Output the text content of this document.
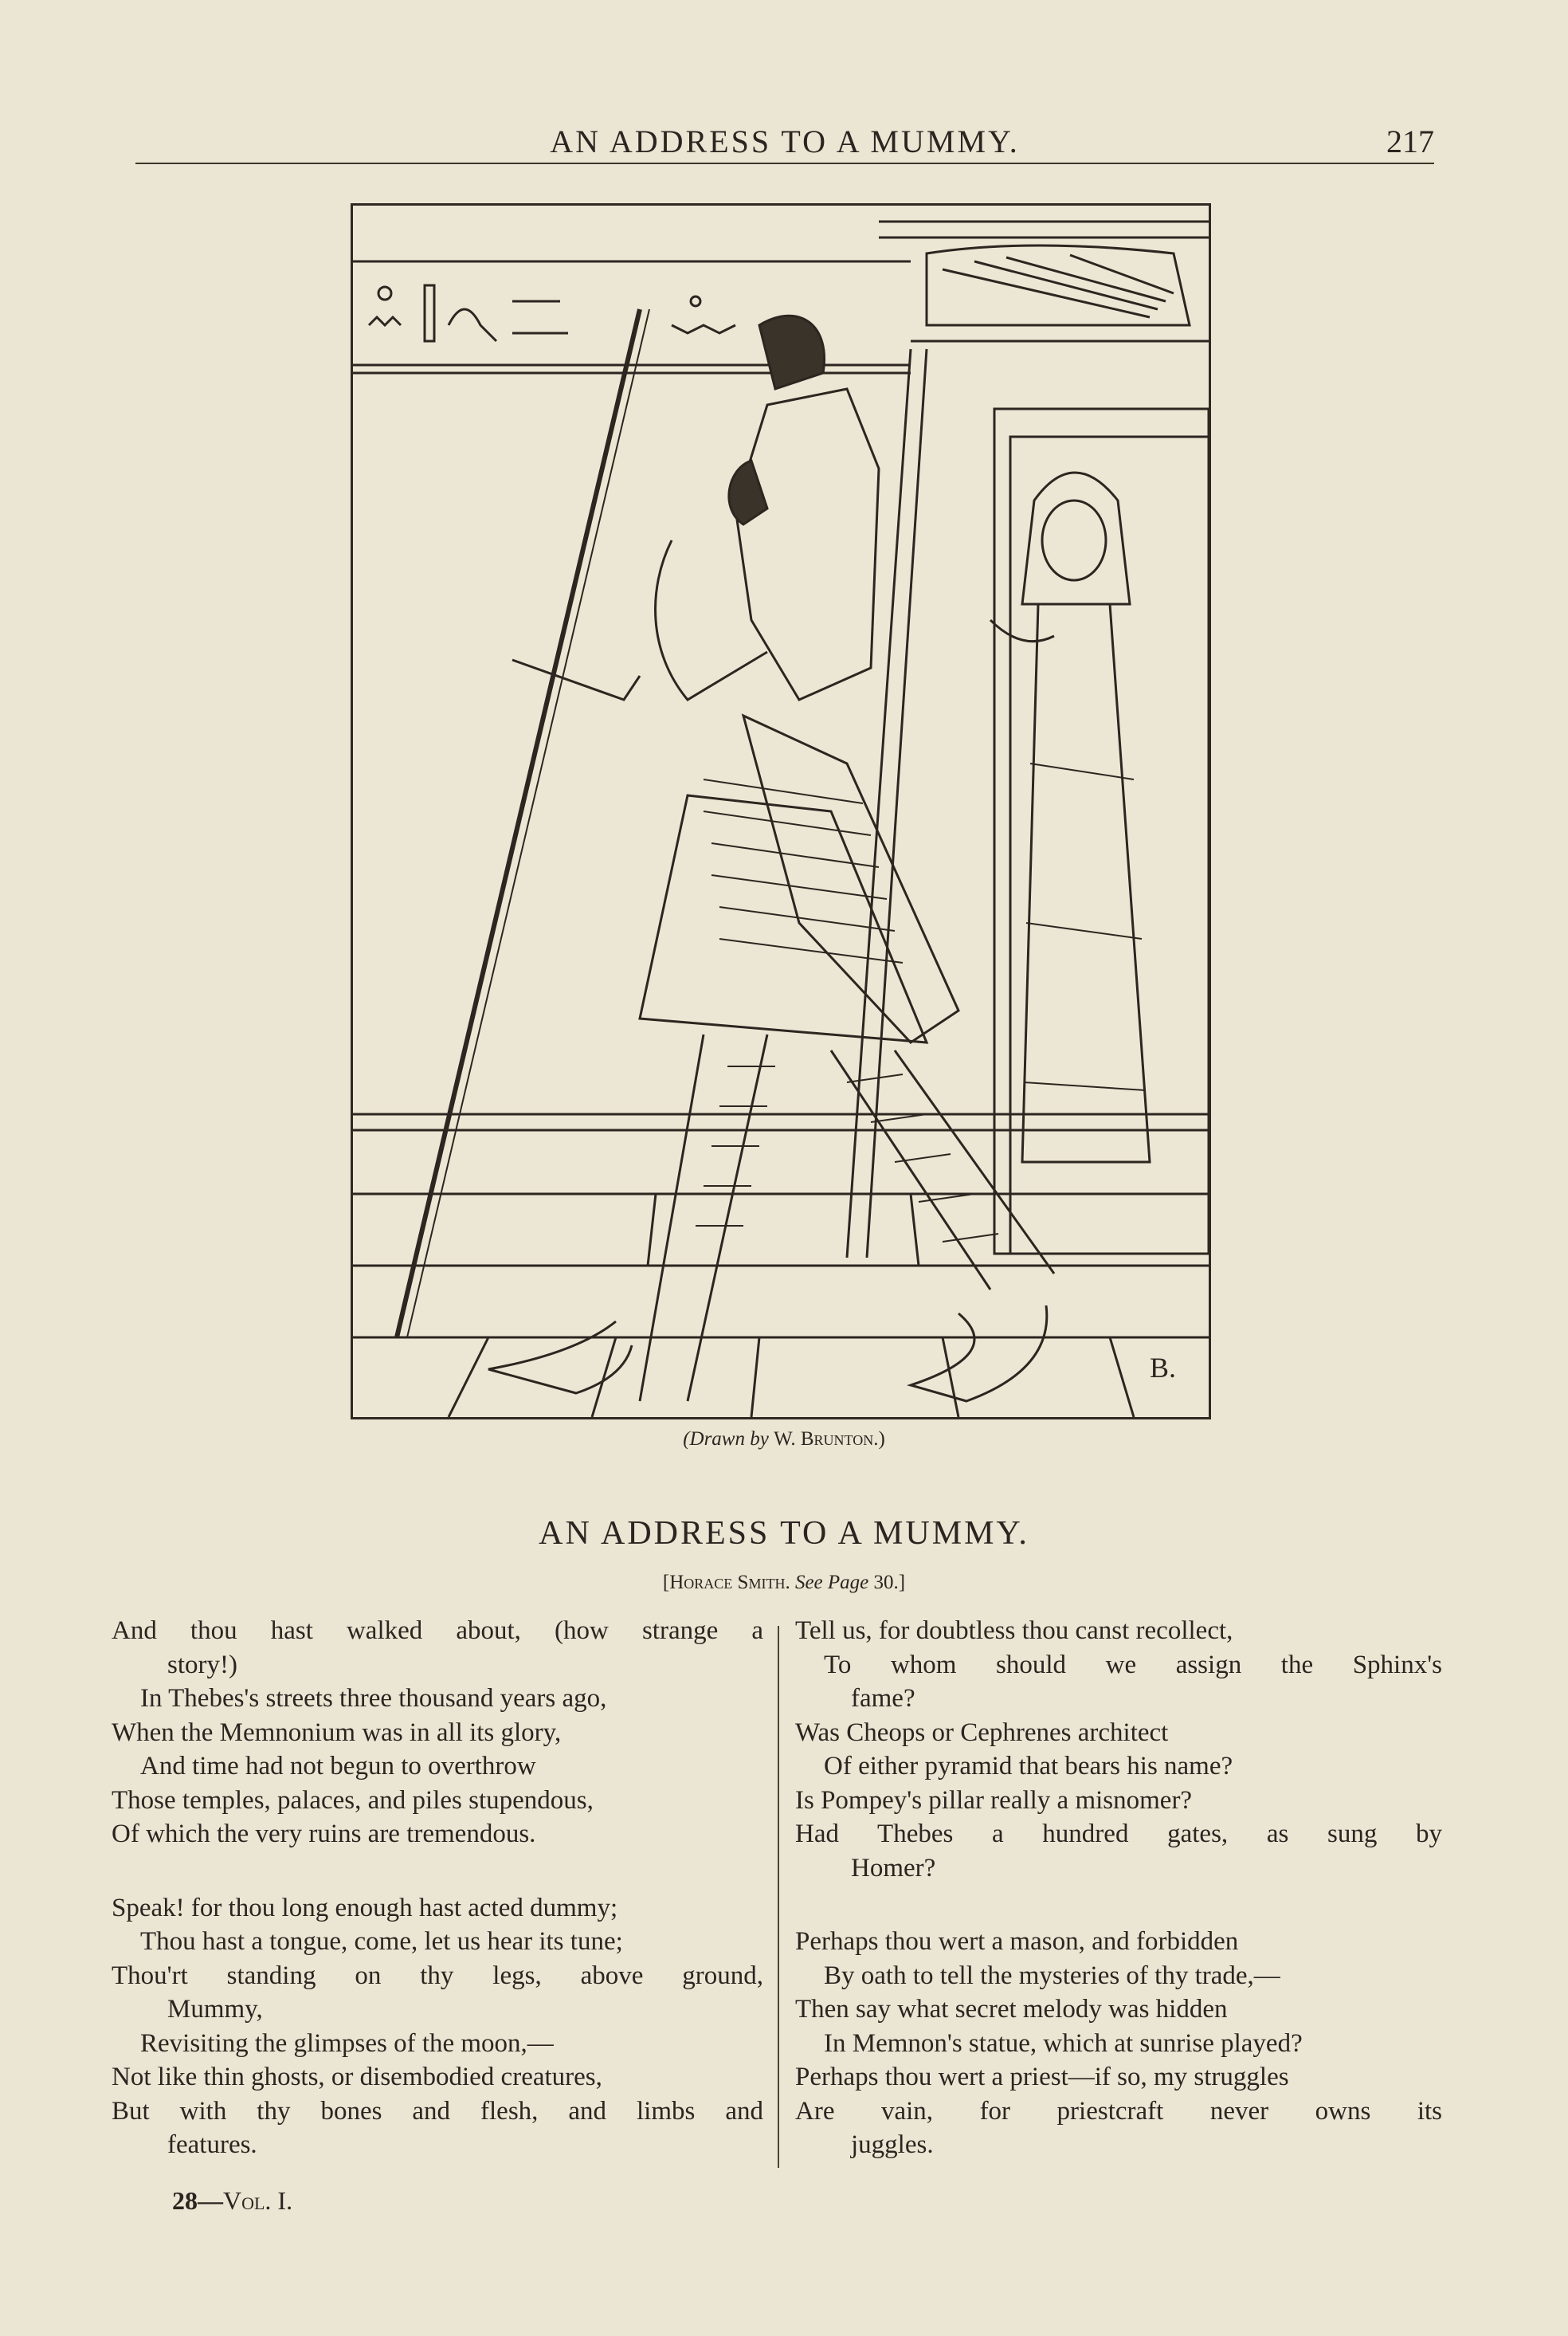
AN ADDRESS TO A MUMMY.	217
B.
(Drawn by W. Brunton.)
AN ADDRESS TO A MUMMY.
[Horace Smith. See Page 30.]
And thou hast walked about, (how strange a
story!)
In Thebes's streets three thousand years ago,
When the Memnonium was in all its glory,
And time had not begun to overthrow
Those temples, palaces, and piles stupendous,
Of which the very ruins are tremendous.
Speak! for thou long enough hast acted dummy;
Thou hast a tongue, come, let us hear its tune;
Thou'rt standing on thy legs, above ground,
Mummy,
Revisiting the glimpses of the moon,—
Not like thin ghosts, or disembodied creatures,
But with thy bones and flesh, and limbs and
features.
Tell us, for doubtless thou canst recollect,
To whom should we assign the Sphinx's
fame?
Was Cheops or Cephrenes architect
Of either pyramid that bears his name?
Is Pompey's pillar really a misnomer?
Had Thebes a hundred gates, as sung by
Homer?
Perhaps thou wert a mason, and forbidden
By oath to tell the mysteries of thy trade,—
Then say what secret melody was hidden
In Memnon's statue, which at sunrise played?
Perhaps thou wert a priest—if so, my struggles
Are vain, for priestcraft never owns its
juggles.
28—Vol. I.
